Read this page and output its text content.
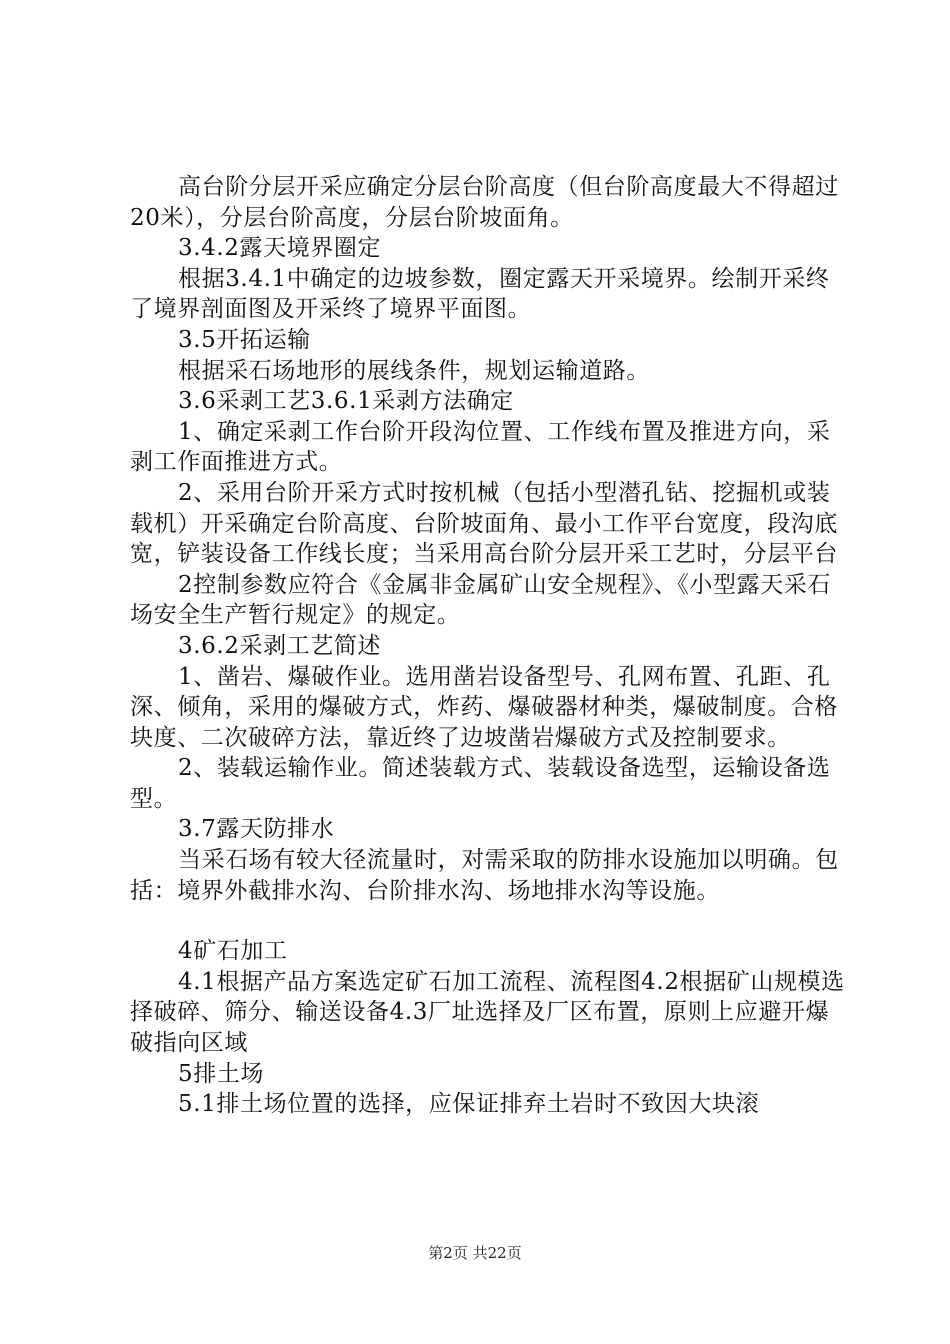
高台阶分层开采应确定分层台阶高度（但台阶高度最大不得超过20米），分层台阶高度，分层台阶坡面角。

3.4.2露天境界圈定

根据3.4.1中确定的边坡参数，圈定露天开采境界。绘制开采终了境界剖面图及开采终了境界平面图。

3.5开拓运输

根据采石场地形的展线条件，规划运输道路。

3.6采剥工艺3.6.1采剥方法确定

1、确定采剥工作台阶开段沟位置、工作线布置及推进方向，采剥工作面推进方式。

2、采用台阶开采方式时按机械（包括小型潜孔钻、挖掘机或装载机）开采确定台阶高度、台阶坡面角、最小工作平台宽度，段沟底宽，铲装设备工作线长度；当采用高台阶分层开采工艺时，分层平台

2控制参数应符合《金属非金属矿山安全规程》、《小型露天采石场安全生产暂行规定》的规定。

3.6.2采剥工艺简述

1、凿岩、爆破作业。选用凿岩设备型号、孔网布置、孔距、孔深、倾角，采用的爆破方式，炸药、爆破器材种类，爆破制度。合格块度、二次破碎方法，靠近终了边坡凿岩爆破方式及控制要求。

2、装载运输作业。简述装载方式、装载设备选型，运输设备选型。

3.7露天防排水

当采石场有较大径流量时，对需采取的防排水设施加以明确。包括：境界外截排水沟、台阶排水沟、场地排水沟等设施。

4矿石加工

4.1根据产品方案选定矿石加工流程、流程图4.2根据矿山规模选择破碎、筛分、输送设备4.3厂址选择及厂区布置，原则上应避开爆破指向区域

5排土场

5.1排土场位置的选择，应保证排弃土岩时不致因大块滚

第2页 共22页
